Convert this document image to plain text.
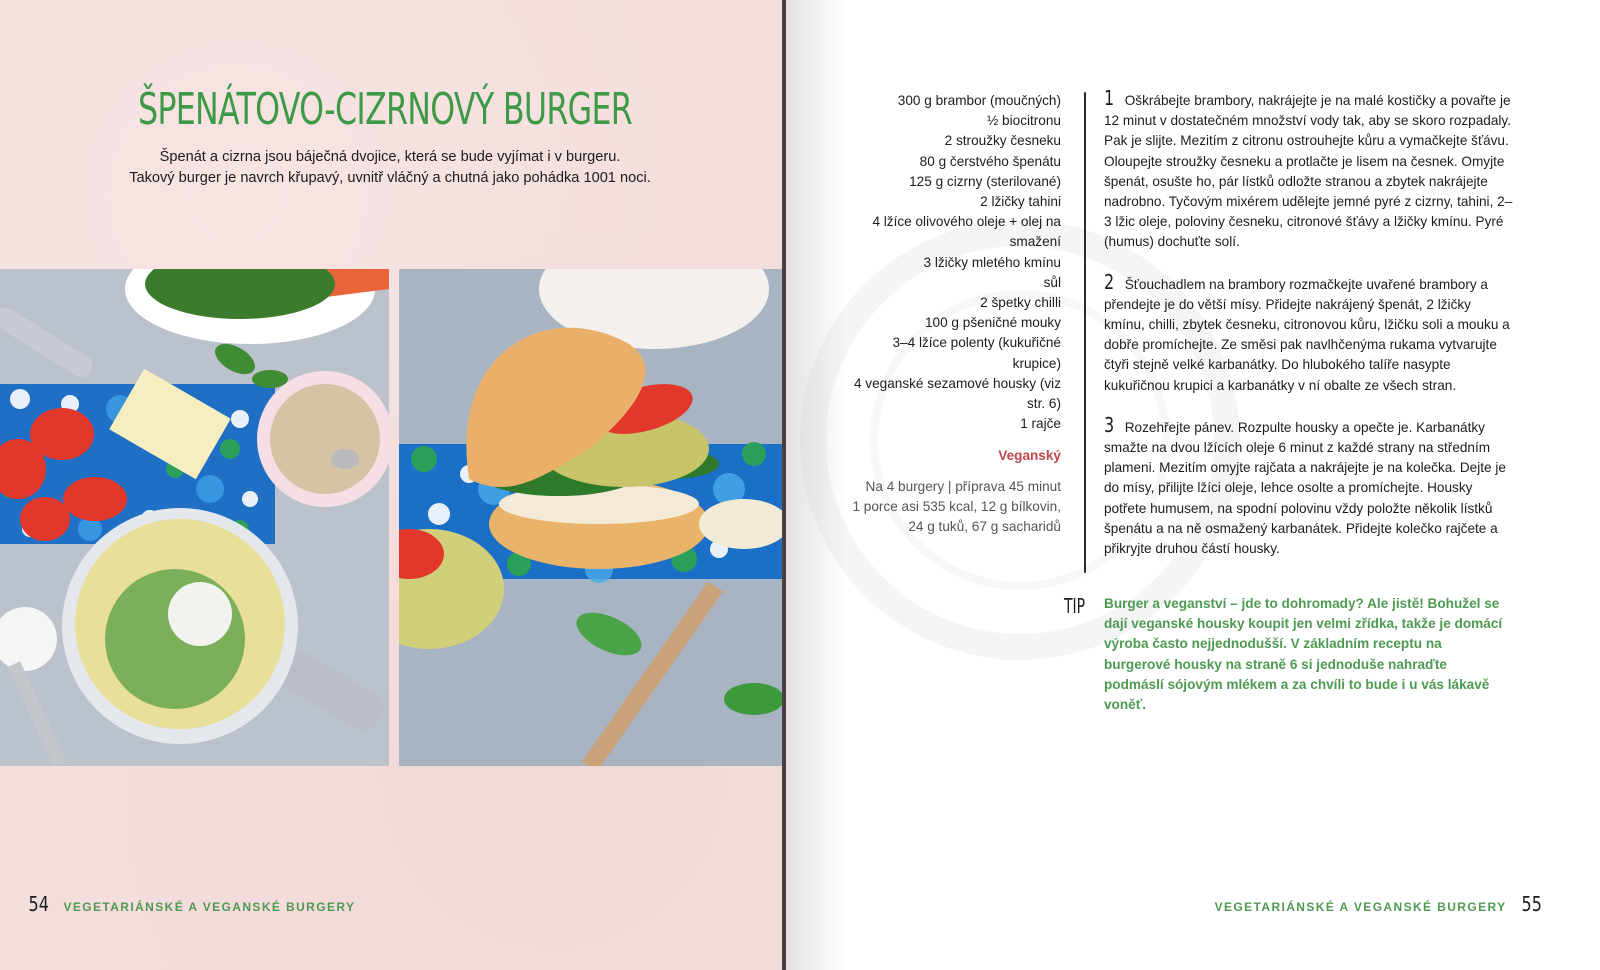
ŠPENÁTOVO-CIZRNOVÝ BURGER

Špenát a cizrna jsou báječná dvojice, která se bude vyjímat i v burgeru.

Takový burger je navrch křupavý, uvnitř vláčný a chutná jako pohádka 1001 noci.

54 VEGETARIÁNSKÉ A VEGANSKÉ BURGERY
300 g brambor (moučných)
½ biocitronu
2 stroužky česneku
80 g čerstvého špenátu
125 g cizrny (sterilované)
2 lžičky tahini
4 lžíce olivového oleje + olej na smažení
3 lžičky mletého kmínu
sůl
2 špetky chilli
100 g pšeničné mouky
3–4 lžíce polenty (kukuřičné krupice)
4 veganské sezamové housky (viz str. 6)
1 rajče
Veganský
Na 4 burgery | příprava 45 minut
1 porce asi 535 kcal, 12 g bílkovin, 24 g tuků, 67 g sacharidů

1 Oškrábejte brambory, nakrájejte je na malé kostičky a povařte je 12 minut v dostatečném množství vody tak, aby se skoro rozpadaly. Pak je slijte. Mezitím z citronu ostrouhejte kůru a vymačkejte šťávu. Oloupejte stroužky česneku a protlačte je lisem na česnek. Omyjte špenát, osušte ho, pár lístků odložte stranou a zbytek nakrájejte nadrobno. Tyčovým mixérem udělejte jemné pyré z cizrny, tahini, 2–3 lžic oleje, poloviny česneku, citronové šťávy a lžičky kmínu. Pyré (humus) dochuťte solí.

2 Šťouchadlem na brambory rozmačkejte uvařené brambory a přendejte je do větší mísy. Přidejte nakrájený špenát, 2 lžičky kmínu, chilli, zbytek česneku, citronovou kůru, lžičku soli a mouku a dobře promíchejte. Ze směsi pak navlhčenýma rukama vytvarujte čtyři stejně velké karbanátky. Do hlubokého talíře nasypte kukuřičnou krupici a karbanátky v ní obalte ze všech stran.

3 Rozehřejte pánev. Rozpulte housky a opečte je. Karbanátky smažte na dvou lžících oleje 6 minut z každé strany na středním plameni. Mezitím omyjte rajčata a nakrájejte je na kolečka. Dejte je do mísy, přilijte lžíci oleje, lehce osolte a promíchejte. Housky potřete humusem, na spodní polovinu vždy položte několik lístků špenátu a na ně osmažený karbanátek. Přidejte kolečko rajčete a přikryjte druhou částí housky.

TIP Burger a veganství – jde to dohromady? Ale jistě! Bohužel se dají veganské housky koupit jen velmi zřídka, takže je domácí výroba často nejjednodušší. V základním receptu na burgerové housky na straně 6 si jednoduše nahraďte podmáslí sójovým mlékem a za chvíli to bude i u vás lákavě voněť.

VEGETARIÁNSKÉ A VEGANSKÉ BURGERY 55
